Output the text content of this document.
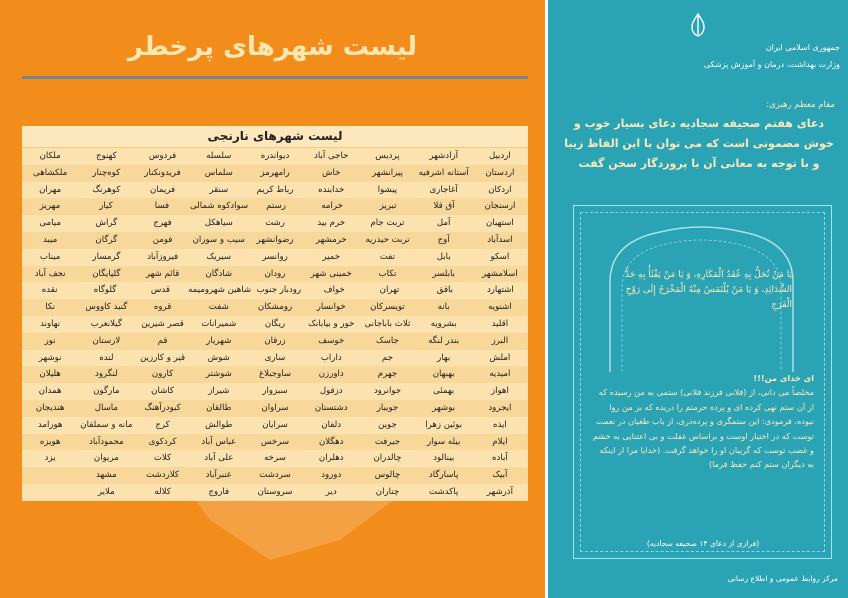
لیست شهرهای پرخطر
لیست شهرهای نارنجی
اردبیل
آزادشهر
پردیس
حاجی آباد
دیواندره
سلسله
فردوس
کهنوج
ملکان
اردستان
آستانه اشرفیه
پیرانشهر
خاش
رامهرمز
سلماس
فریدونکنار
کوه‌چنار
ملکشاهی
اردکان
آغاجاری
پیشوا
خدابنده
رباط کریم
سنقر
فریمان
کوهرنگ
مهران
ارسنجان
آق قلا
تبریز
خرامه
رستم
سوادکوه شمالی
فسا
کیار
مهریز
استهبان
آمل
تربت جام
خرم بید
رشت
سیاهکل
فهرج
گراش
میامی
اسدآباد
آوج
تربت حیدریه
خرمشهر
رضوانشهر
سیب و سوران
فومن
گرگان
میبد
اسکو
بابل
تفت
خمیر
روانسر
سیریک
فیروزآباد
گرمسار
میناب
اسلامشهر
بابلسر
تکاب
خمینی شهر
رودان
شادگان
قائم شهر
گلپایگان
نجف آباد
اشتهارد
باقق
تهران
خواف
رودبار جنوب
شاهین شهرومیمه
قدس
گلوگاه
نقده
اشنویه
بانه
تویسرکان
خوانسار
رومشکان
شفت
قروه
گنبد کاووس
نکا
اقلید
بشرویه
ثلاث باباجانی
خور و بیابانک
ریگان
شمیرانات
قصر شیرین
گیلانغرب
نهاوند
البرز
بندر لنگه
جاسک
خوسف
زرقان
شهریار
قم
لارستان
نور
املش
بهار
جم
داراب
ساری
شوش
قیر و کارزین
لنده
نوشهر
امیدیه
بهبهان
جهرم
داورزن
ساوجبلاغ
شوشتر
کارون
لنگرود
هلیلان
اهواز
بهمئی
جوانرود
دزفول
سبزوار
شیراز
کاشان
مارگون
همدان
ایجرود
بوشهر
جویبار
دشتستان
سراوان
طالقان
کبودرآهنگ
ماسال
هندیجان
ایذه
بوئین زهرا
جوین
دلفان
سرایان
طوالش
کرج
مانه و سملقان
هورامد
ایلام
بیله سوار
جیرفت
دهگلان
سرخس
عباس آباد
کردکوی
محمودآباد
هویزه
آباده
بینالود
چالدران
دهلران
سرخه
علی آباد
کلات
مریوان
یزد
آبیک
پاسارگاد
چالوس
دورود
سردشت
عنبرآباد
کلاردشت
مشهد
آذرشهر
پاکدشت
چناران
دیر
سروستان
فاروج
کلاله
ملایر
جمهوری اسلامی ایران
وزارت بهداشت، درمان و آموزش پزشکی
مقام معظم رهبری:
دعای هفتم صحیفه سجادیه دعای بسیار خوب و خوش مضمونی است که می توان با این الفاظ زیبا و با توجه به معانی آن با پروردگار سخن گفت
یَا مَنْ تُحَلُّ بِهِ عُقَدُ الْمَکَارِهِ، وَ یَا مَنْ یَفْثَأُ بِهِ حَدُّ الشَّدَائِدِ، وَ یَا مَنْ یُلْتَمَسُ مِنْهُ الْمَخْرَجُ إِلَى رَوْحِ الْفَرَجِ
ای خدای من!!!
مخلصاً می دانی، از (فلانی فرزند فلانی) ستمی به من رسیده که از آن ستم نهی کرده ای و پرده حرمتم را دریده که بر من روا نبوده، فرمودی: این ستمگری و پرده‌دری، از باب طغیان در نعمت توست که در اختیار اوست و براساس غفلت و بی اعتنایی به خشم و غضب توست که گریبان او را خواهد گرفت. (خدایا مرا از اینکه به دیگران ستم کنم حفظ فرما)
(فرازی از دعای ۱۴ صحیفه سجادیه)
مرکز روابط عمومی و اطلاع رسانی
